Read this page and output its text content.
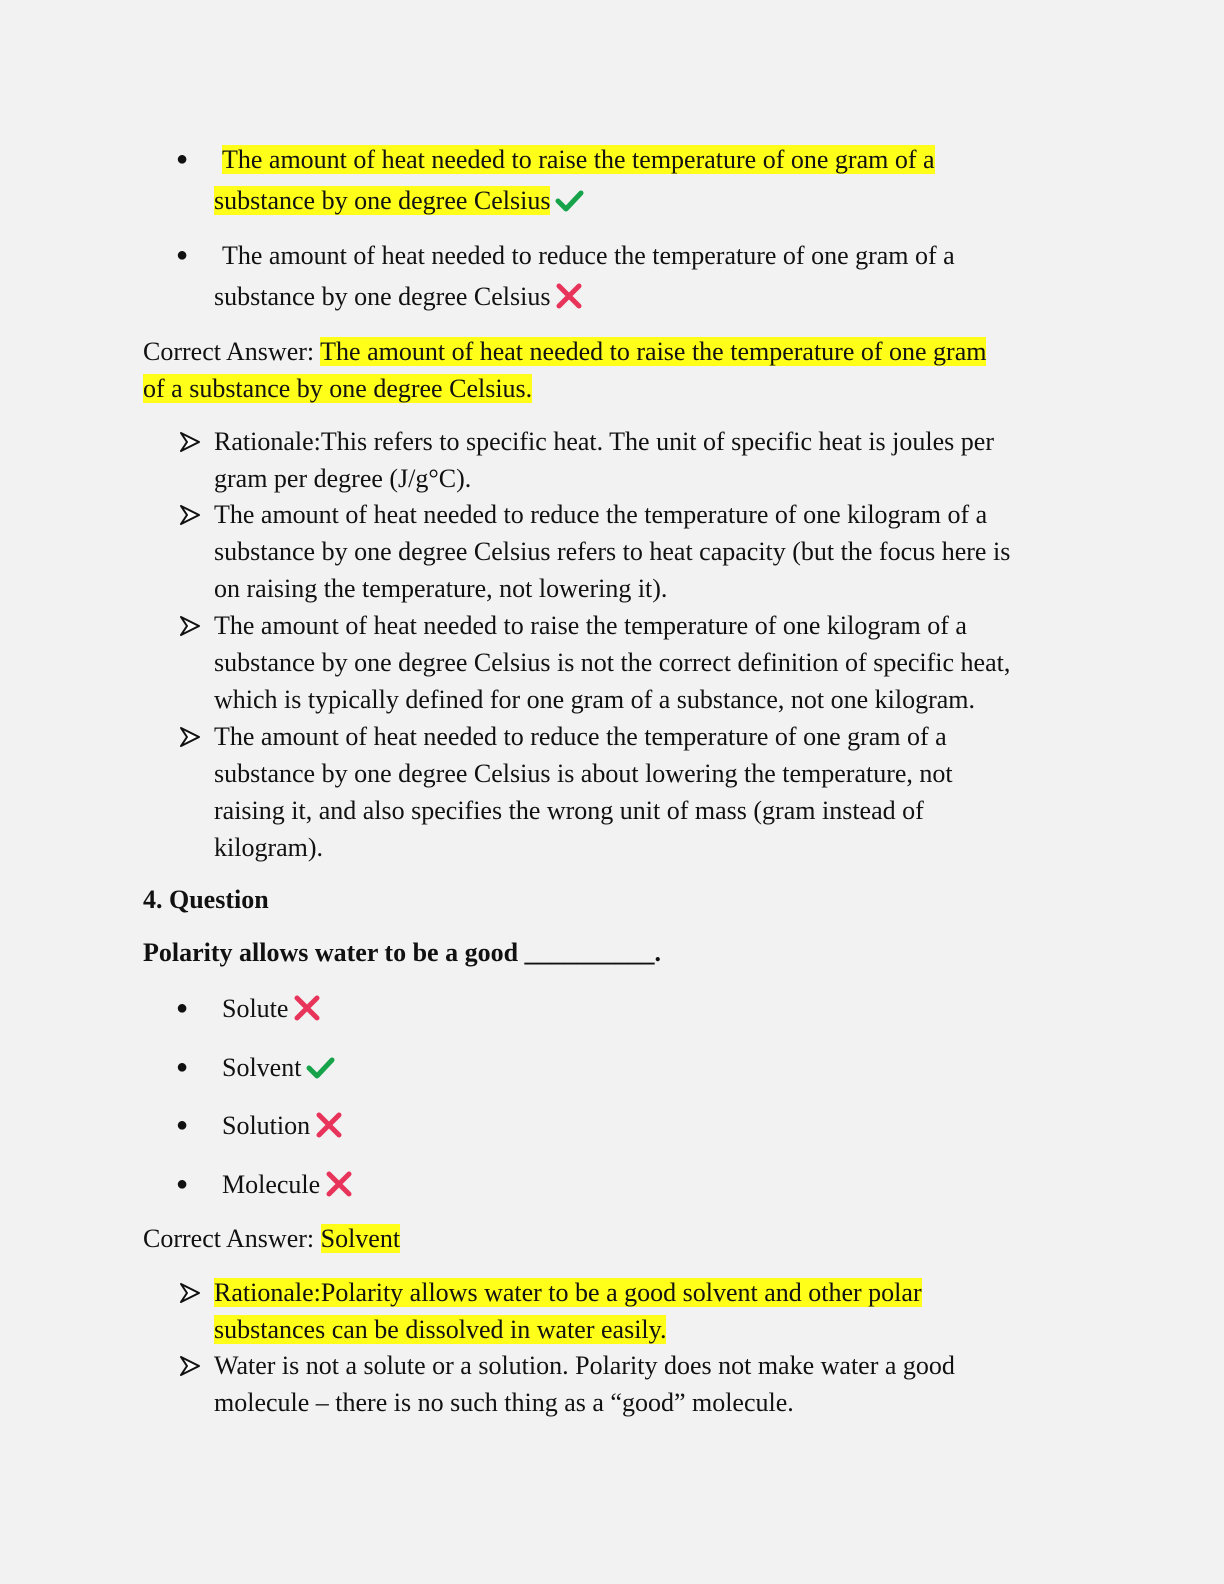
●	The amount of heat needed to raise the temperature of one gram of a
substance by one degree Celsius
●	The amount of heat needed to reduce the temperature of one gram of a
substance by one degree Celsius
Correct Answer: The amount of heat needed to raise the temperature of one gram
of a substance by one degree Celsius.
Rationale:This refers to specific heat. The unit of specific heat is joules per
gram per degree (J/g°C).
The amount of heat needed to reduce the temperature of one kilogram of a
substance by one degree Celsius refers to heat capacity (but the focus here is
on raising the temperature, not lowering it).
The amount of heat needed to raise the temperature of one kilogram of a
substance by one degree Celsius is not the correct definition of specific heat,
which is typically defined for one gram of a substance, not one kilogram.
The amount of heat needed to reduce the temperature of one gram of a
substance by one degree Celsius is about lowering the temperature, not
raising it, and also specifies the wrong unit of mass (gram instead of
kilogram).
4. Question
Polarity allows water to be a good __________.
●	Solute
●	Solvent
●	Solution
●	Molecule
Correct Answer: Solvent
Rationale:Polarity allows water to be a good solvent and other polar
substances can be dissolved in water easily.
Water is not a solute or a solution. Polarity does not make water a good
molecule – there is no such thing as a “good” molecule.
